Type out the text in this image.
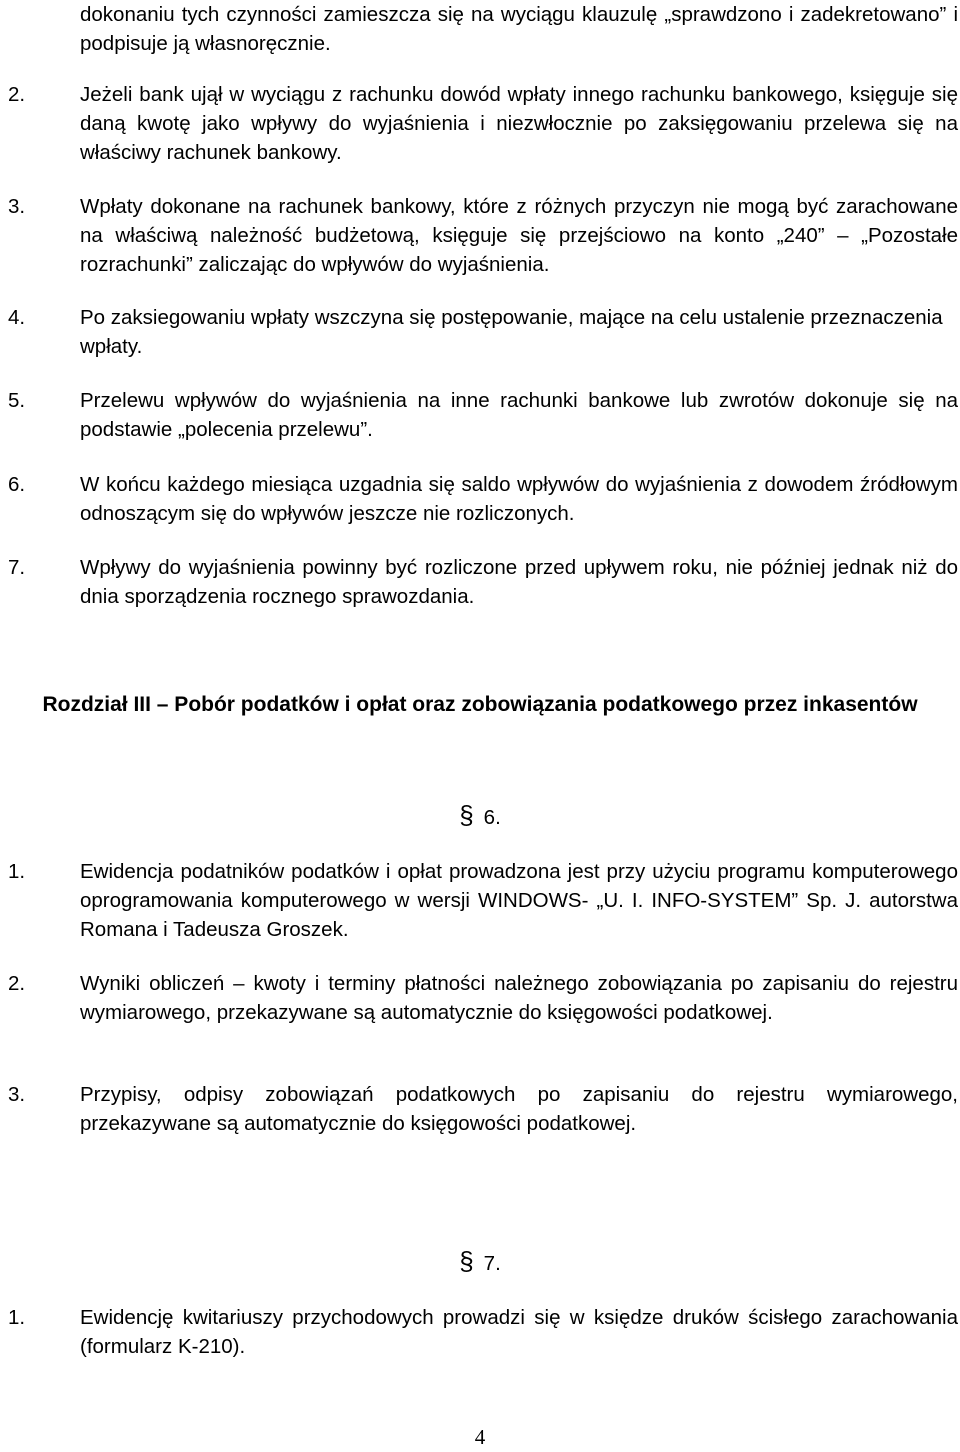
dokonaniu tych czynności zamieszcza się na wyciągu klauzulę „sprawdzono i zadekretowano” i podpisuje ją własnoręcznie.
2.	Jeżeli bank ujął w wyciągu z rachunku dowód wpłaty innego rachunku bankowego, księguje się daną kwotę jako wpływy do wyjaśnienia i niezwłocznie po zaksięgowaniu przelewa się na właściwy rachunek bankowy.
3.	Wpłaty dokonane na rachunek bankowy, które z różnych przyczyn nie mogą być zarachowane na właściwą należność budżetową, księguje się przejściowo na konto „240” – „Pozostałe rozrachunki” zaliczając do wpływów do wyjaśnienia.
4.	Po zaksiegowaniu wpłaty wszczyna się postępowanie, mające na celu ustalenie przeznaczenia wpłaty.
5.	Przelewu wpływów do wyjaśnienia na inne rachunki bankowe lub zwrotów dokonuje się na podstawie „polecenia przelewu”.
6.	W końcu każdego miesiąca uzgadnia się saldo wpływów do wyjaśnienia z dowodem źródłowym odnoszącym się do wpływów jeszcze nie rozliczonych.
7.	Wpływy do wyjaśnienia powinny być rozliczone przed upływem roku, nie później jednak niż do dnia sporządzenia rocznego sprawozdania.
Rozdział III – Pobór podatków i opłat oraz zobowiązania podatkowego przez inkasentów
§ 6.
1.	Ewidencja podatników podatków i opłat prowadzona jest przy użyciu programu komputerowego oprogramowania komputerowego w wersji WINDOWS- „U. I. INFO-SYSTEM” Sp. J. autorstwa Romana i Tadeusza Groszek.
2.	Wyniki obliczeń – kwoty i terminy płatności należnego zobowiązania po zapisaniu do rejestru wymiarowego, przekazywane są automatycznie do księgowości podatkowej.
3.	Przypisy, odpisy zobowiązań podatkowych po zapisaniu do rejestru wymiarowego, przekazywane są automatycznie do księgowości podatkowej.
§ 7.
1.	Ewidencję kwitariuszy przychodowych prowadzi się w księdze druków ścisłego zarachowania (formularz K-210).
4
